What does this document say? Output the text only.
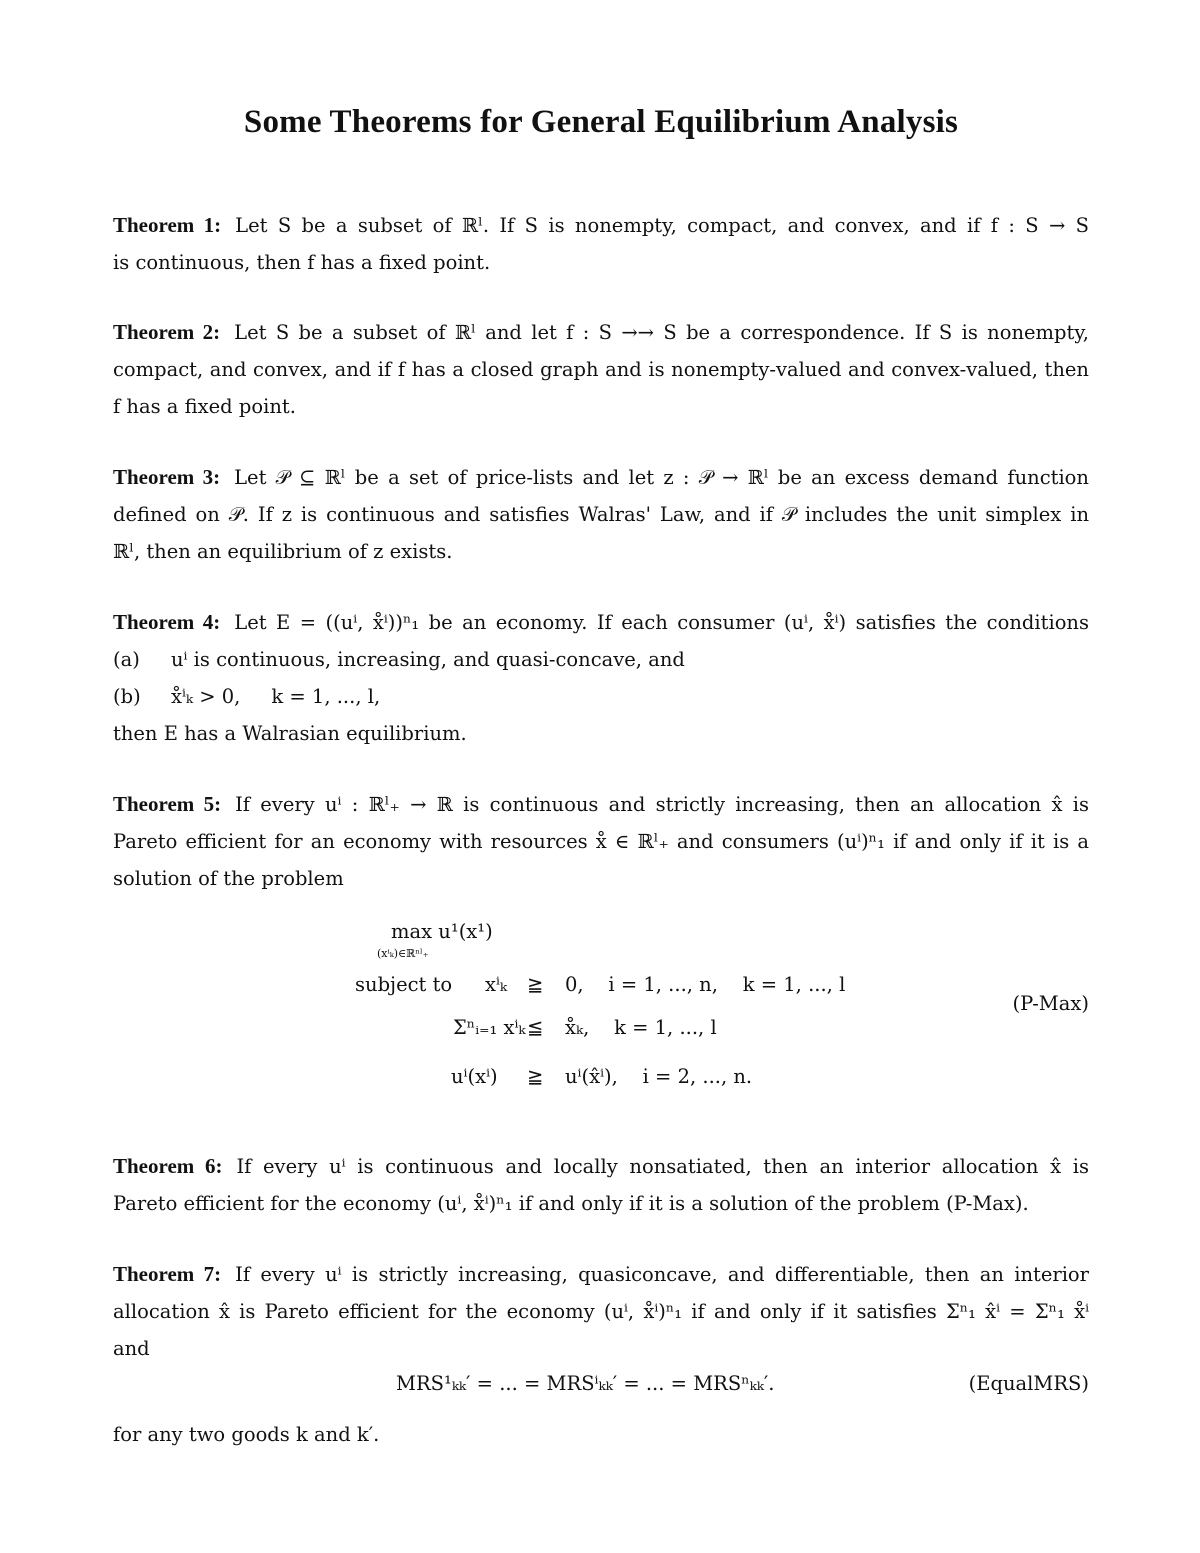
Some Theorems for General Equilibrium Analysis
Theorem 1: Let S be a subset of ℝˡ. If S is nonempty, compact, and convex, and if f : S → S
is continuous, then f has a fixed point.
Theorem 2: Let S be a subset of ℝˡ and let f : S →→ S be a correspondence. If S is nonempty,
compact, and convex, and if f has a closed graph and is nonempty-valued and convex-valued, then
f has a fixed point.
Theorem 3: Let 𝒫 ⊆ ℝˡ be a set of price-lists and let z : 𝒫 → ℝˡ be an excess demand function
defined on 𝒫. If z is continuous and satisfies Walras' Law, and if 𝒫 includes the unit simplex in
ℝˡ, then an equilibrium of z exists.
Theorem 4: Let E = ((uⁱ, x̊ⁱ))ⁿ₁ be an economy. If each consumer (uⁱ, x̊ⁱ) satisfies the conditions
(a) uⁱ is continuous, increasing, and quasi-concave, and
(b) x̊ⁱₖ > 0,     k = 1, ..., l,
then E has a Walrasian equilibrium.
Theorem 5: If every uⁱ : ℝˡ₊ → ℝ is continuous and strictly increasing, then an allocation x̂ is
Pareto efficient for an economy with resources x̊ ∈ ℝˡ₊ and consumers (uⁱ)ⁿ₁ if and only if it is a
solution of the problem
max u¹(x¹)
(xⁱₖ)∈ℝⁿˡ₊
subject to xⁱₖ ≧ 0,    i = 1, ..., n,    k = 1, ..., l
Σⁿᵢ₌₁ xⁱₖ ≦ x̊ₖ,    k = 1, ..., l
uⁱ(xⁱ) ≧ uⁱ(x̂ⁱ),    i = 2, ..., n.
(P-Max)
Theorem 6: If every uⁱ is continuous and locally nonsatiated, then an interior allocation x̂ is
Pareto efficient for the economy (uⁱ, x̊ⁱ)ⁿ₁ if and only if it is a solution of the problem (P-Max).
Theorem 7: If every uⁱ is strictly increasing, quasiconcave, and differentiable, then an interior
allocation x̂ is Pareto efficient for the economy (uⁱ, x̊ⁱ)ⁿ₁ if and only if it satisfies Σⁿ₁ x̂ⁱ = Σⁿ₁ x̊ⁱ
and
MRS¹ₖₖ′ = ... = MRSⁱₖₖ′ = ... = MRSⁿₖₖ′.	(EqualMRS)
for any two goods k and k′.
